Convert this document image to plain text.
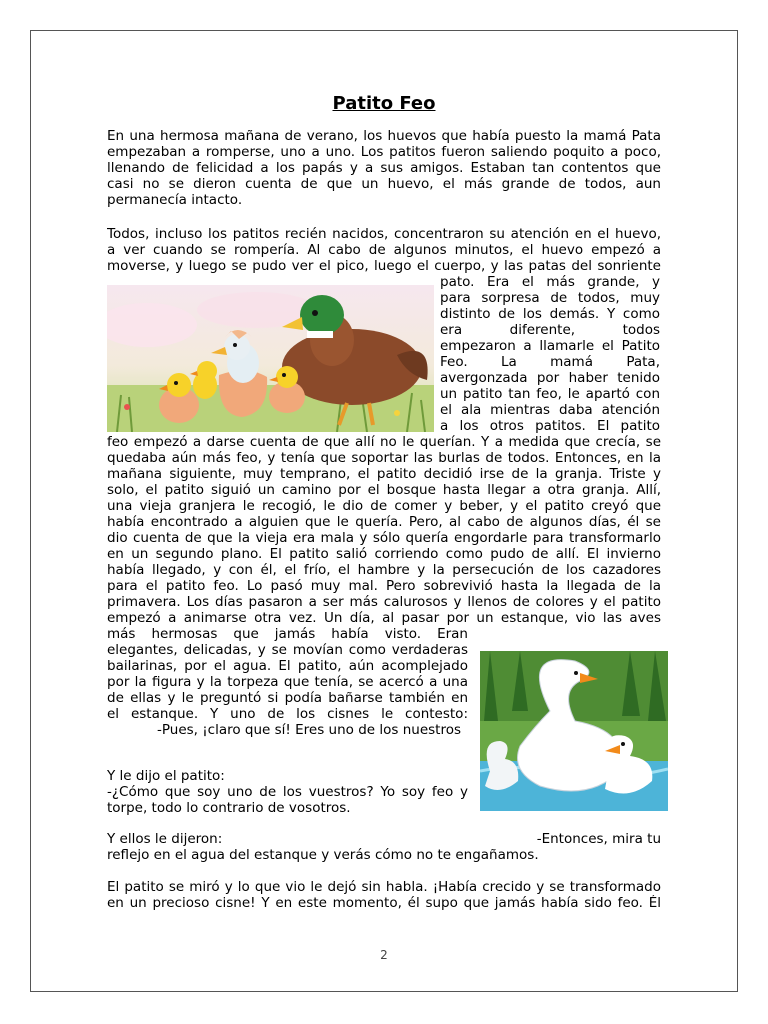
Patito Feo
En una hermosa mañana de verano, los huevos que había puesto la mamá Pata
empezaban a romperse, uno a uno. Los patitos fueron saliendo poquito a poco,
llenando de felicidad a los papás y a sus amigos. Estaban tan contentos que
casi no se dieron cuenta de que un huevo, el más grande de todos, aun
permanecía intacto.
Todos, incluso los patitos recién nacidos, concentraron su atención en el huevo,
a ver cuando se rompería. Al cabo de algunos minutos, el huevo empezó a
moverse, y luego se pudo ver el pico, luego el cuerpo, y las patas del sonriente
pato. Era el más grande, y
para sorpresa de todos, muy
distinto de los demás. Y como
era diferente, todos
empezaron a llamarle el Patito
Feo. La mamá Pata,
avergonzada por haber tenido
un patito tan feo, le apartó con
el ala mientras daba atención
a los otros patitos. El patito
feo empezó a darse cuenta de que allí no le querían. Y a medida que crecía, se
quedaba aún más feo, y tenía que soportar las burlas de todos. Entonces, en la
mañana siguiente, muy temprano, el patito decidió irse de la granja. Triste y
solo, el patito siguió un camino por el bosque hasta llegar a otra granja. Allí,
una vieja granjera le recogió, le dio de comer y beber, y el patito creyó que
había encontrado a alguien que le quería. Pero, al cabo de algunos días, él se
dio cuenta de que la vieja era mala y sólo quería engordarle para transformarlo
en un segundo plano. El patito salió corriendo como pudo de allí. El invierno
había llegado, y con él, el frío, el hambre y la persecución de los cazadores
para el patito feo. Lo pasó muy mal. Pero sobrevivió hasta la llegada de la
primavera. Los días pasaron a ser más calurosos y llenos de colores y el patito
empezó a animarse otra vez. Un día, al pasar por un estanque, vio las aves
más hermosas que jamás había visto. Eran
elegantes, delicadas, y se movían como verdaderas
bailarinas, por el agua. El patito, aún acomplejado
por la figura y la torpeza que tenía, se acercó a una
de ellas y le preguntó si podía bañarse también en
el estanque. Y uno de los cisnes le contesto:
-Pues, ¡claro que sí! Eres uno de los nuestros
Y le dijo el patito:
-¿Cómo que soy uno de los vuestros? Yo soy feo y
torpe, todo lo contrario de vosotros.
Y ellos le dijeron:	-Entonces, mira tu
reflejo en el agua del estanque y verás cómo no te engañamos.
El patito se miró y lo que vio le dejó sin habla. ¡Había crecido y se transformado
en un precioso cisne! Y en este momento, él supo que jamás había sido feo. Él
2
